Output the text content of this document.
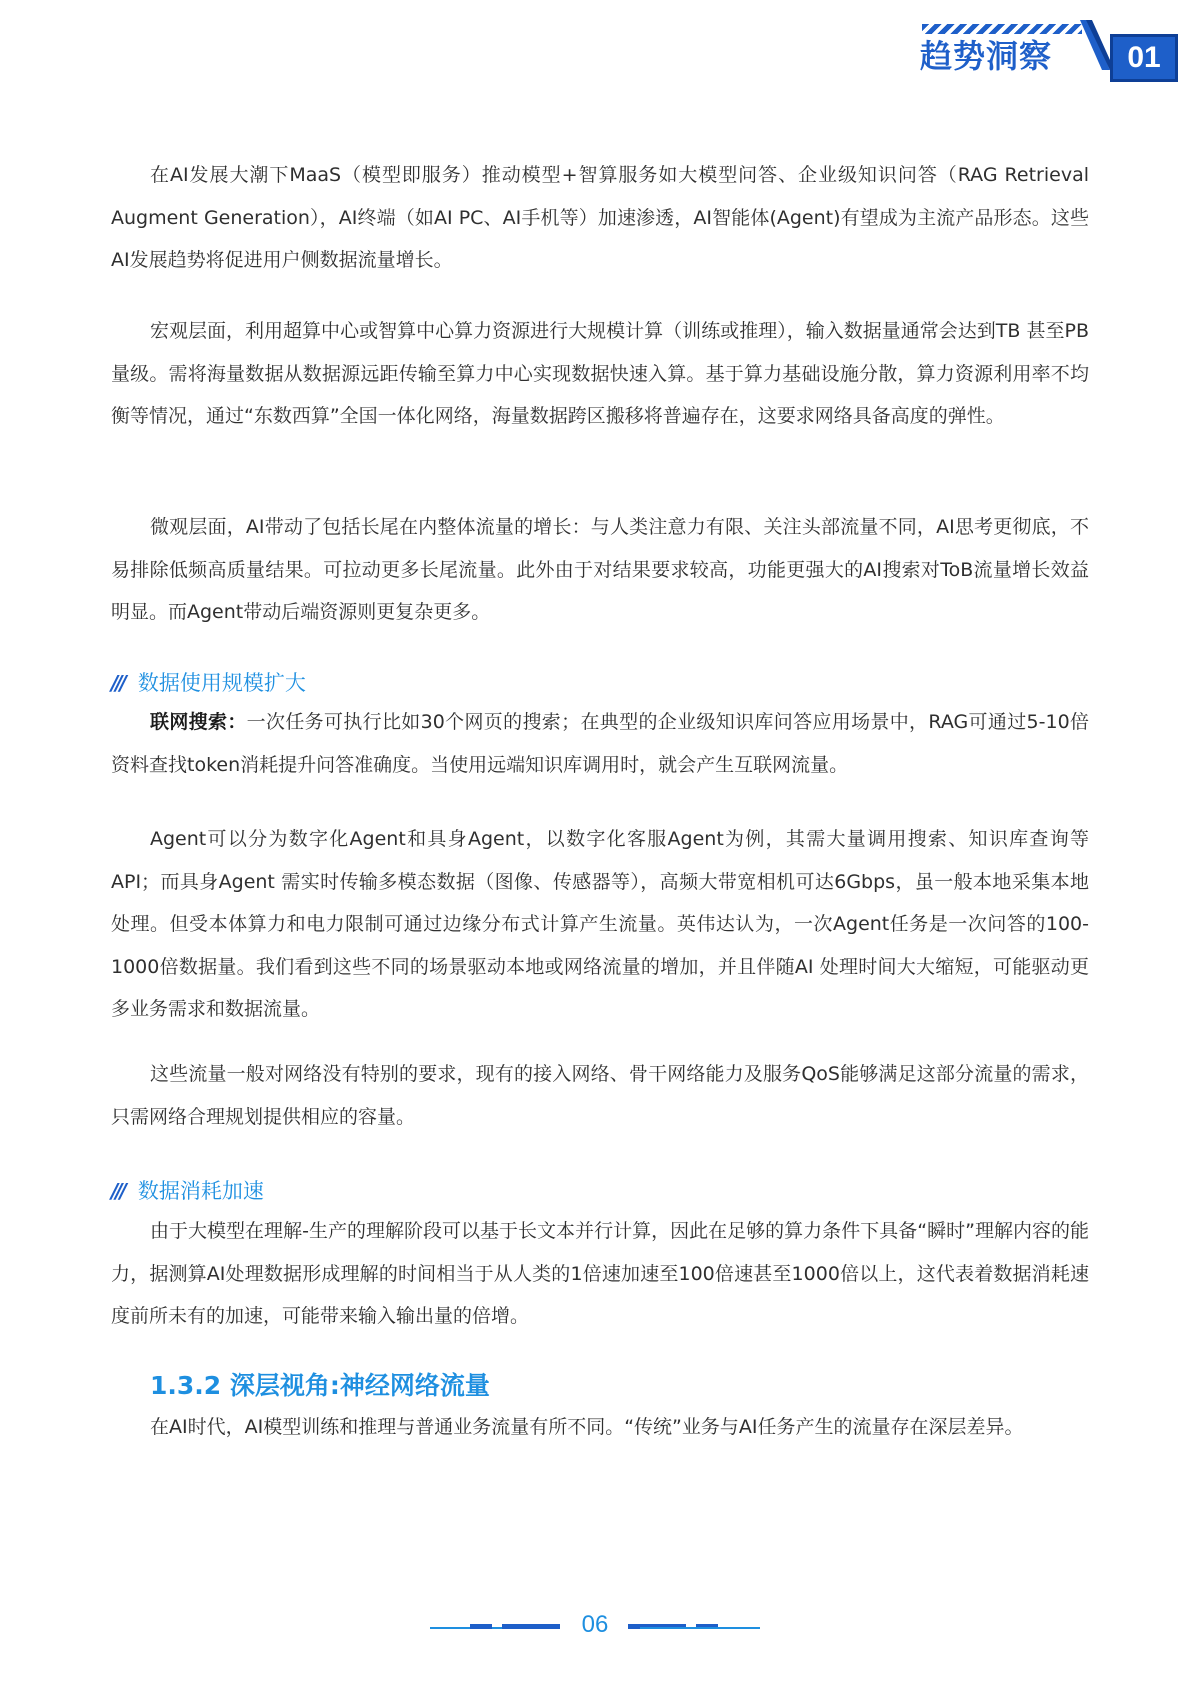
趋势洞察	01
在AI发展大潮下MaaS（模型即服务）推动模型+智算服务如大模型问答、企业级知识问答（RAG Retrieval Augment Generation），AI终端（如AI PC、AI手机等）加速渗透，AI智能体(Agent)有望成为主流产品形态。这些AI发展趋势将促进用户侧数据流量增长。
宏观层面，利用超算中心或智算中心算力资源进行大规模计算（训练或推理），输入数据量通常会达到TB 甚至PB 量级。需将海量数据从数据源远距传输至算力中心实现数据快速入算。基于算力基础设施分散，算力资源利用率不均衡等情况，通过“东数西算”全国一体化网络，海量数据跨区搬移将普遍存在，这要求网络具备高度的弹性。
微观层面，AI带动了包括长尾在内整体流量的增长：与人类注意力有限、关注头部流量不同，AI思考更彻底，不易排除低频高质量结果。可拉动更多长尾流量。此外由于对结果要求较高，功能更强大的AI搜索对ToB流量增长效益明显。而Agent带动后端资源则更复杂更多。
/// 数据使用规模扩大
联网搜索：一次任务可执行比如30个网页的搜索；在典型的企业级知识库问答应用场景中，RAG可通过5-10倍资料查找token消耗提升问答准确度。当使用远端知识库调用时，就会产生互联网流量。
Agent可以分为数字化Agent和具身Agent，以数字化客服Agent为例，其需大量调用搜索、知识库查询等API；而具身Agent 需实时传输多模态数据（图像、传感器等），高频大带宽相机可达6Gbps，虽一般本地采集本地处理。但受本体算力和电力限制可通过边缘分布式计算产生流量。英伟达认为，一次Agent任务是一次问答的100-1000倍数据量。我们看到这些不同的场景驱动本地或网络流量的增加，并且伴随AI 处理时间大大缩短，可能驱动更多业务需求和数据流量。
这些流量一般对网络没有特别的要求，现有的接入网络、骨干网络能力及服务QoS能够满足这部分流量的需求，只需网络合理规划提供相应的容量。
/// 数据消耗加速
由于大模型在理解-生产的理解阶段可以基于长文本并行计算，因此在足够的算力条件下具备“瞬时”理解内容的能力，据测算AI处理数据形成理解的时间相当于从人类的1倍速加速至100倍速甚至1000倍以上，这代表着数据消耗速度前所未有的加速，可能带来输入输出量的倍增。
1.3.2 深层视角:神经网络流量
在AI时代，AI模型训练和推理与普通业务流量有所不同。“传统”业务与AI任务产生的流量存在深层差异。
06
